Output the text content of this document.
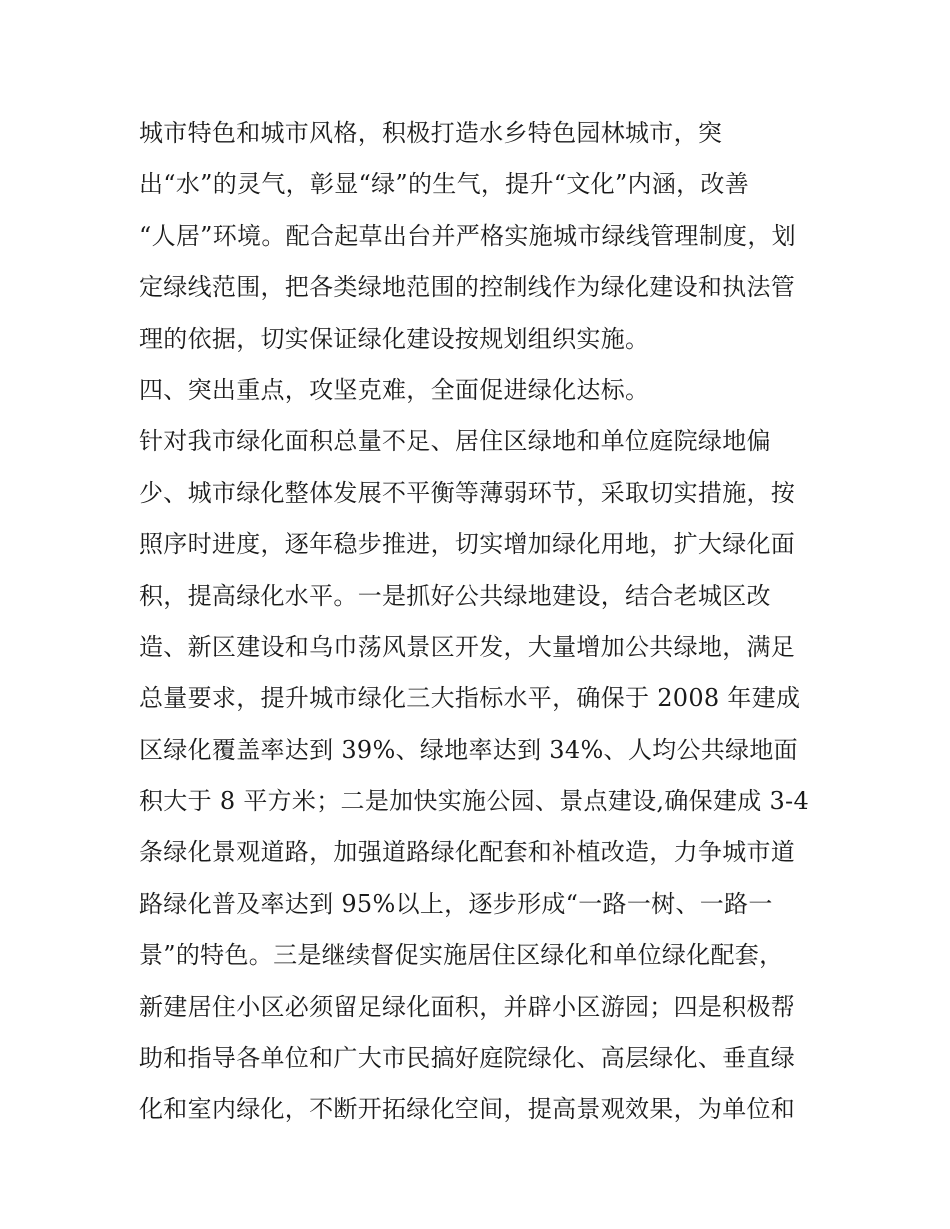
城市特色和城市风格，积极打造水乡特色园林城市，突
出“水”的灵气，彰显“绿”的生气，提升“文化”内涵，改善
“人居”环境。配合起草出台并严格实施城市绿线管理制度，划
定绿线范围，把各类绿地范围的控制线作为绿化建设和执法管
理的依据，切实保证绿化建设按规划组织实施。
四、突出重点，攻坚克难，全面促进绿化达标。
针对我市绿化面积总量不足、居住区绿地和单位庭院绿地偏
少、城市绿化整体发展不平衡等薄弱环节，采取切实措施，按
照序时进度，逐年稳步推进，切实增加绿化用地，扩大绿化面
积，提高绿化水平。一是抓好公共绿地建设，结合老城区改
造、新区建设和乌巾荡风景区开发，大量增加公共绿地，满足
总量要求，提升城市绿化三大指标水平，确保于 2008 年建成
区绿化覆盖率达到 39%、绿地率达到 34%、人均公共绿地面
积大于 8 平方米；二是加快实施公园、景点建设,确保建成 3-4
条绿化景观道路，加强道路绿化配套和补植改造，力争城市道
路绿化普及率达到 95%以上，逐步形成“一路一树、一路一
景”的特色。三是继续督促实施居住区绿化和单位绿化配套，
新建居住小区必须留足绿化面积，并辟小区游园；四是积极帮
助和指导各单位和广大市民搞好庭院绿化、高层绿化、垂直绿
化和室内绿化，不断开拓绿化空间，提高景观效果，为单位和
